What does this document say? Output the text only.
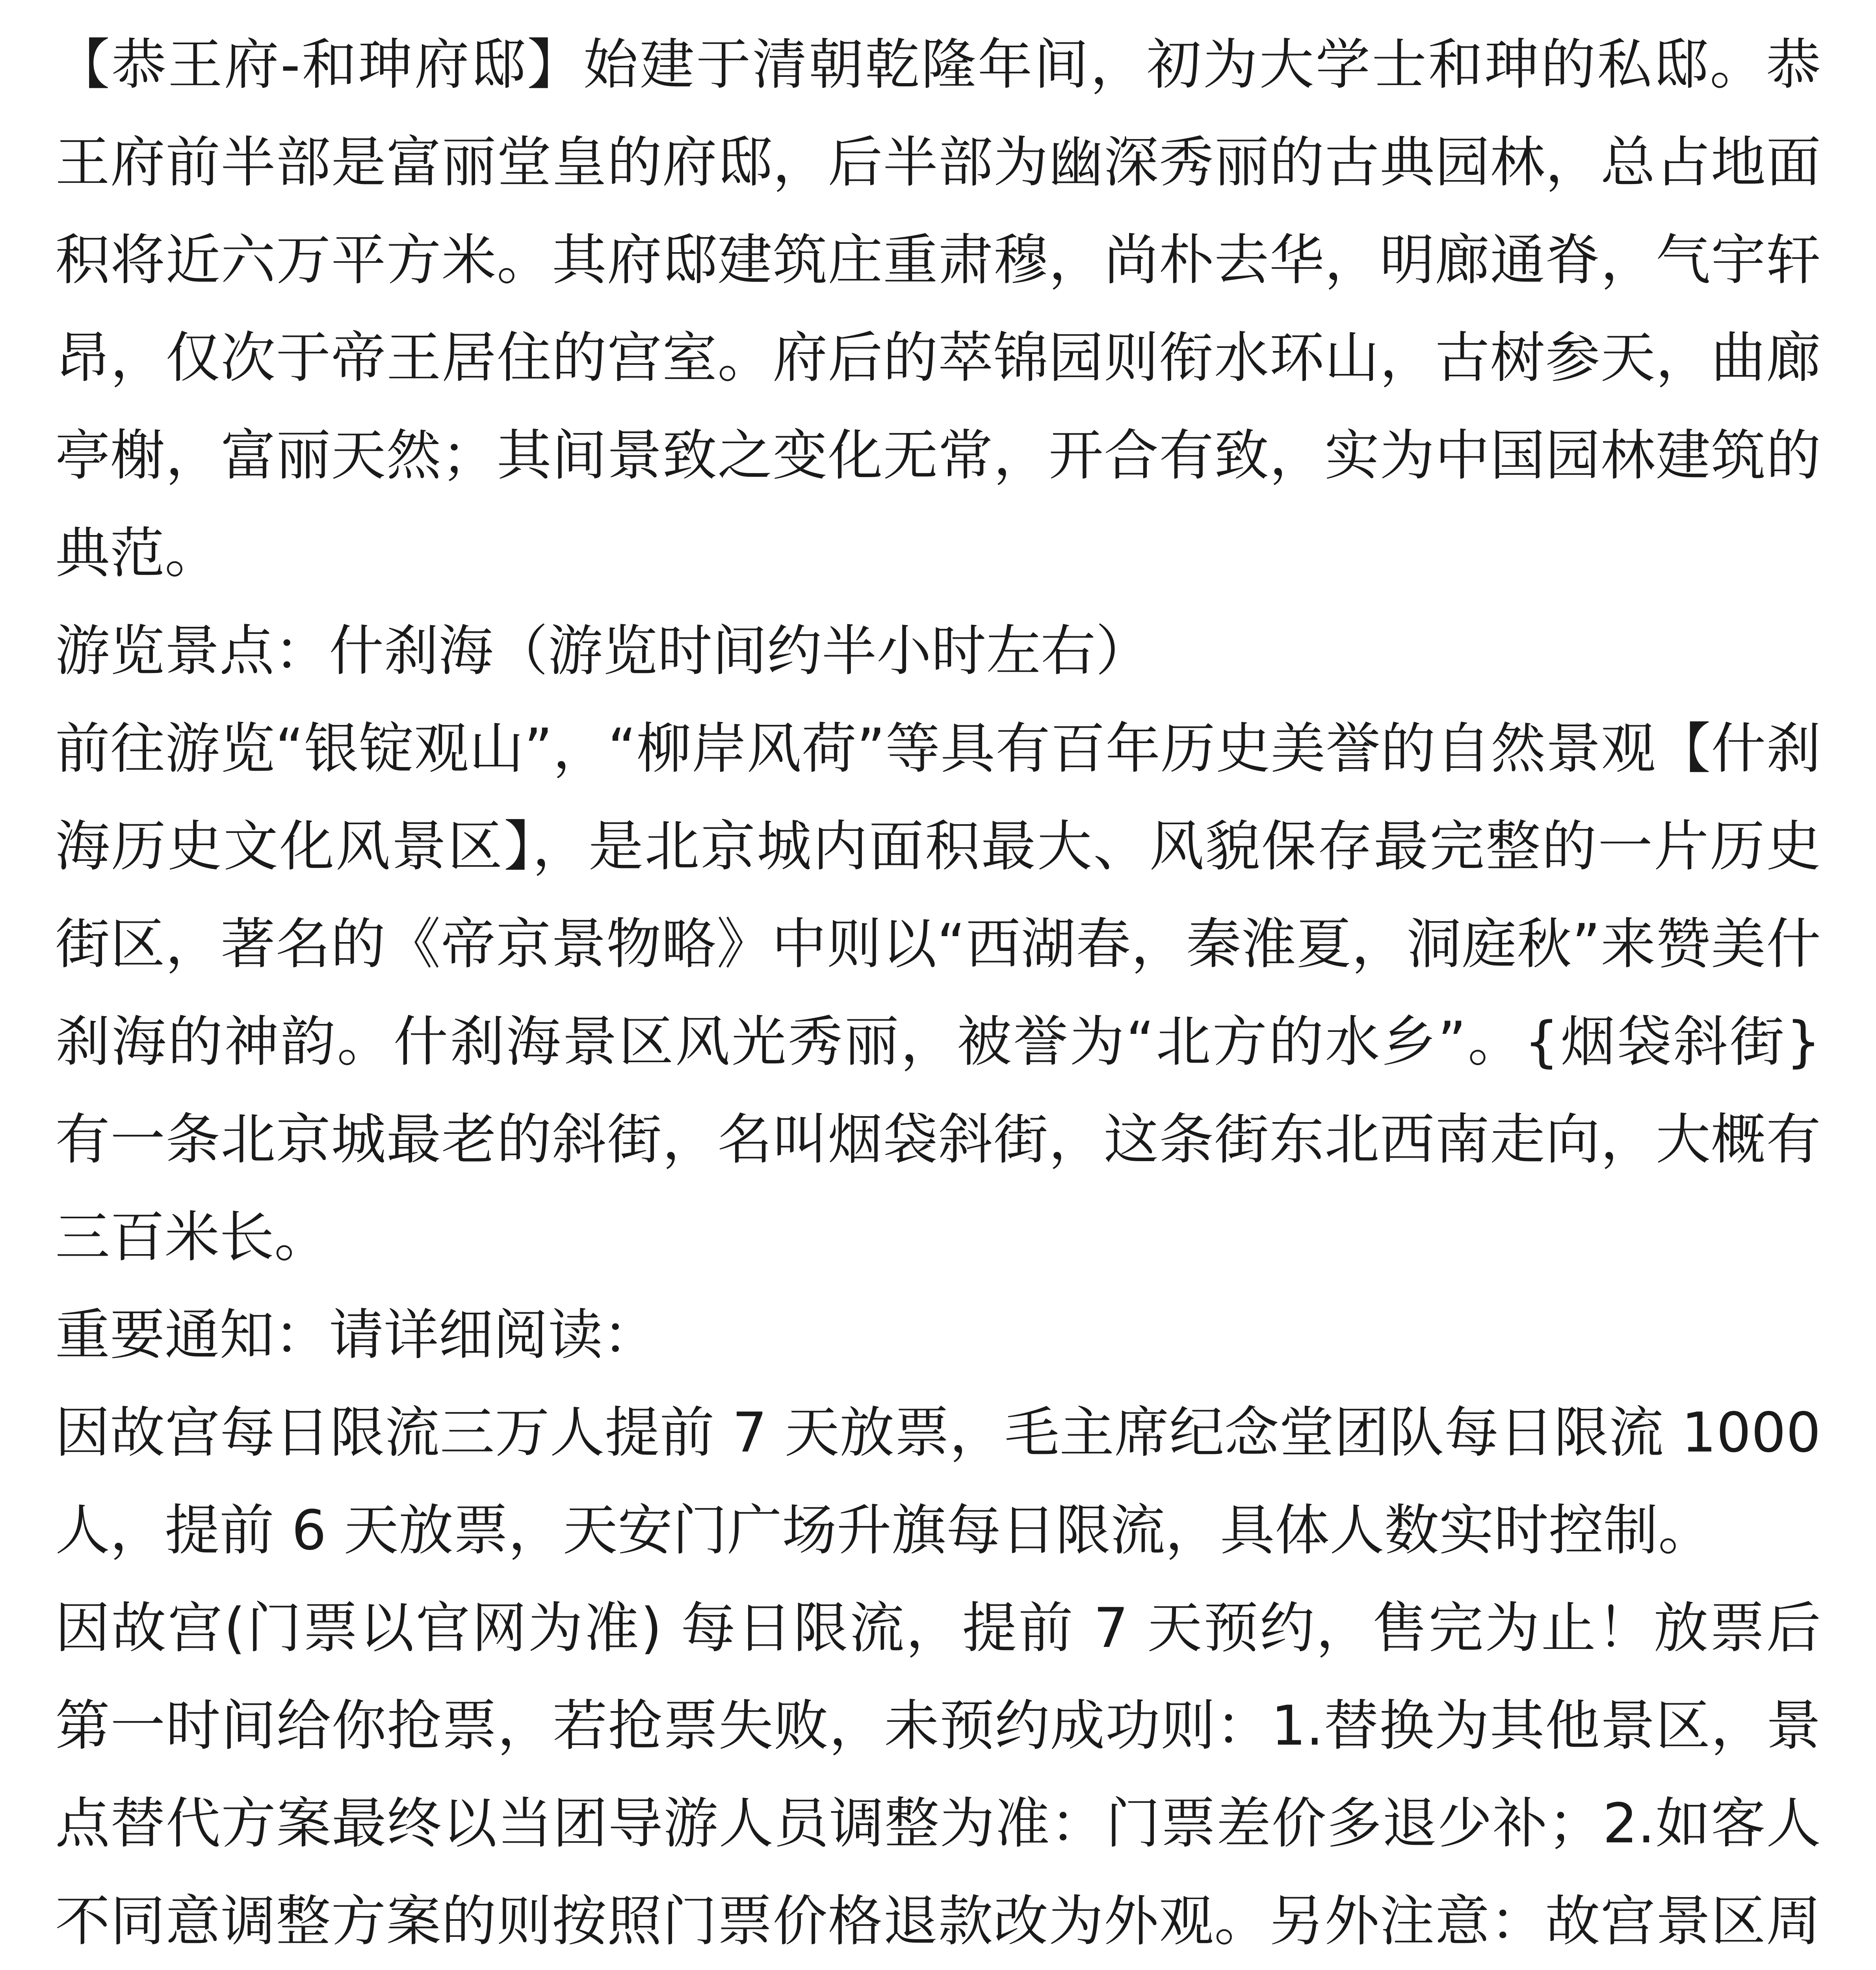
【恭王府-和珅府邸】始建于清朝乾隆年间，初为大学士和珅的私邸。恭王府前半部是富丽堂皇的府邸，后半部为幽深秀丽的古典园林，总占地面积将近六万平方米。其府邸建筑庄重肃穆，尚朴去华，明廊通脊，气宇轩昂，仅次于帝王居住的宫室。府后的萃锦园则衔水环山，古树参天，曲廊亭榭，富丽天然；其间景致之变化无常，开合有致，实为中国园林建筑的典范。

游览景点：什刹海（游览时间约半小时左右）

前往游览“银锭观山”，“柳岸风荷”等具有百年历史美誉的自然景观【什刹海历史文化风景区】，是北京城内面积最大、风貌保存最完整的一片历史街区，著名的《帝京景物略》中则以“西湖春，秦淮夏，洞庭秋”来赞美什刹海的神韵。什刹海景区风光秀丽，被誉为“北方的水乡”。{烟袋斜街}有一条北京城最老的斜街，名叫烟袋斜街，这条街东北西南走向，大概有三百米长。

重要通知：请详细阅读：

因故宫每日限流三万人提前 7 天放票，毛主席纪念堂团队每日限流 1000 人，提前 6 天放票，天安门广场升旗每日限流，具体人数实时控制。

因故宫(门票以官网为准) 每日限流，提前 7 天预约，售完为止！放票后第一时间给你抢票，若抢票失败，未预约成功则：1.替换为其他景区，景点替代方案最终以当团导游人员调整为准：门票差价多退少补；2.如客人不同意调整方案的则按照门票价格退款改为外观。另外注意：故宫景区周
